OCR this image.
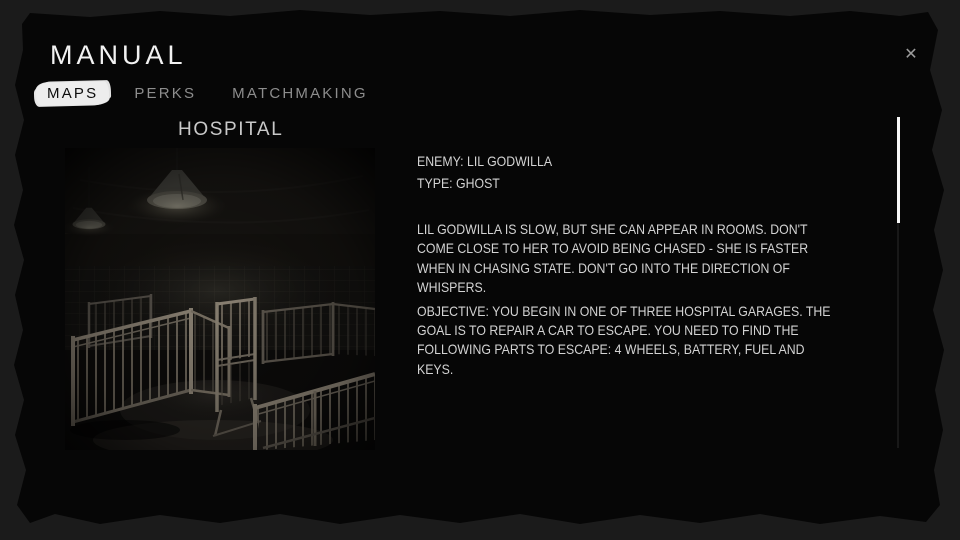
MANUAL	✕
MAPS	PERKS	MATCHMAKING
HOSPITAL
ENEMY: LIL GODWILLA
TYPE: GHOST
LIL GODWILLA IS SLOW, BUT SHE CAN APPEAR IN ROOMS. DON'T COME CLOSE TO HER TO AVOID BEING CHASED - SHE IS FASTER WHEN IN CHASING STATE. DON'T GO INTO THE DIRECTION OF WHISPERS.
OBJECTIVE: YOU BEGIN IN ONE OF THREE HOSPITAL GARAGES. THE GOAL IS TO REPAIR A CAR TO ESCAPE. YOU NEED TO FIND THE FOLLOWING PARTS TO ESCAPE: 4 WHEELS, BATTERY, FUEL AND KEYS.
